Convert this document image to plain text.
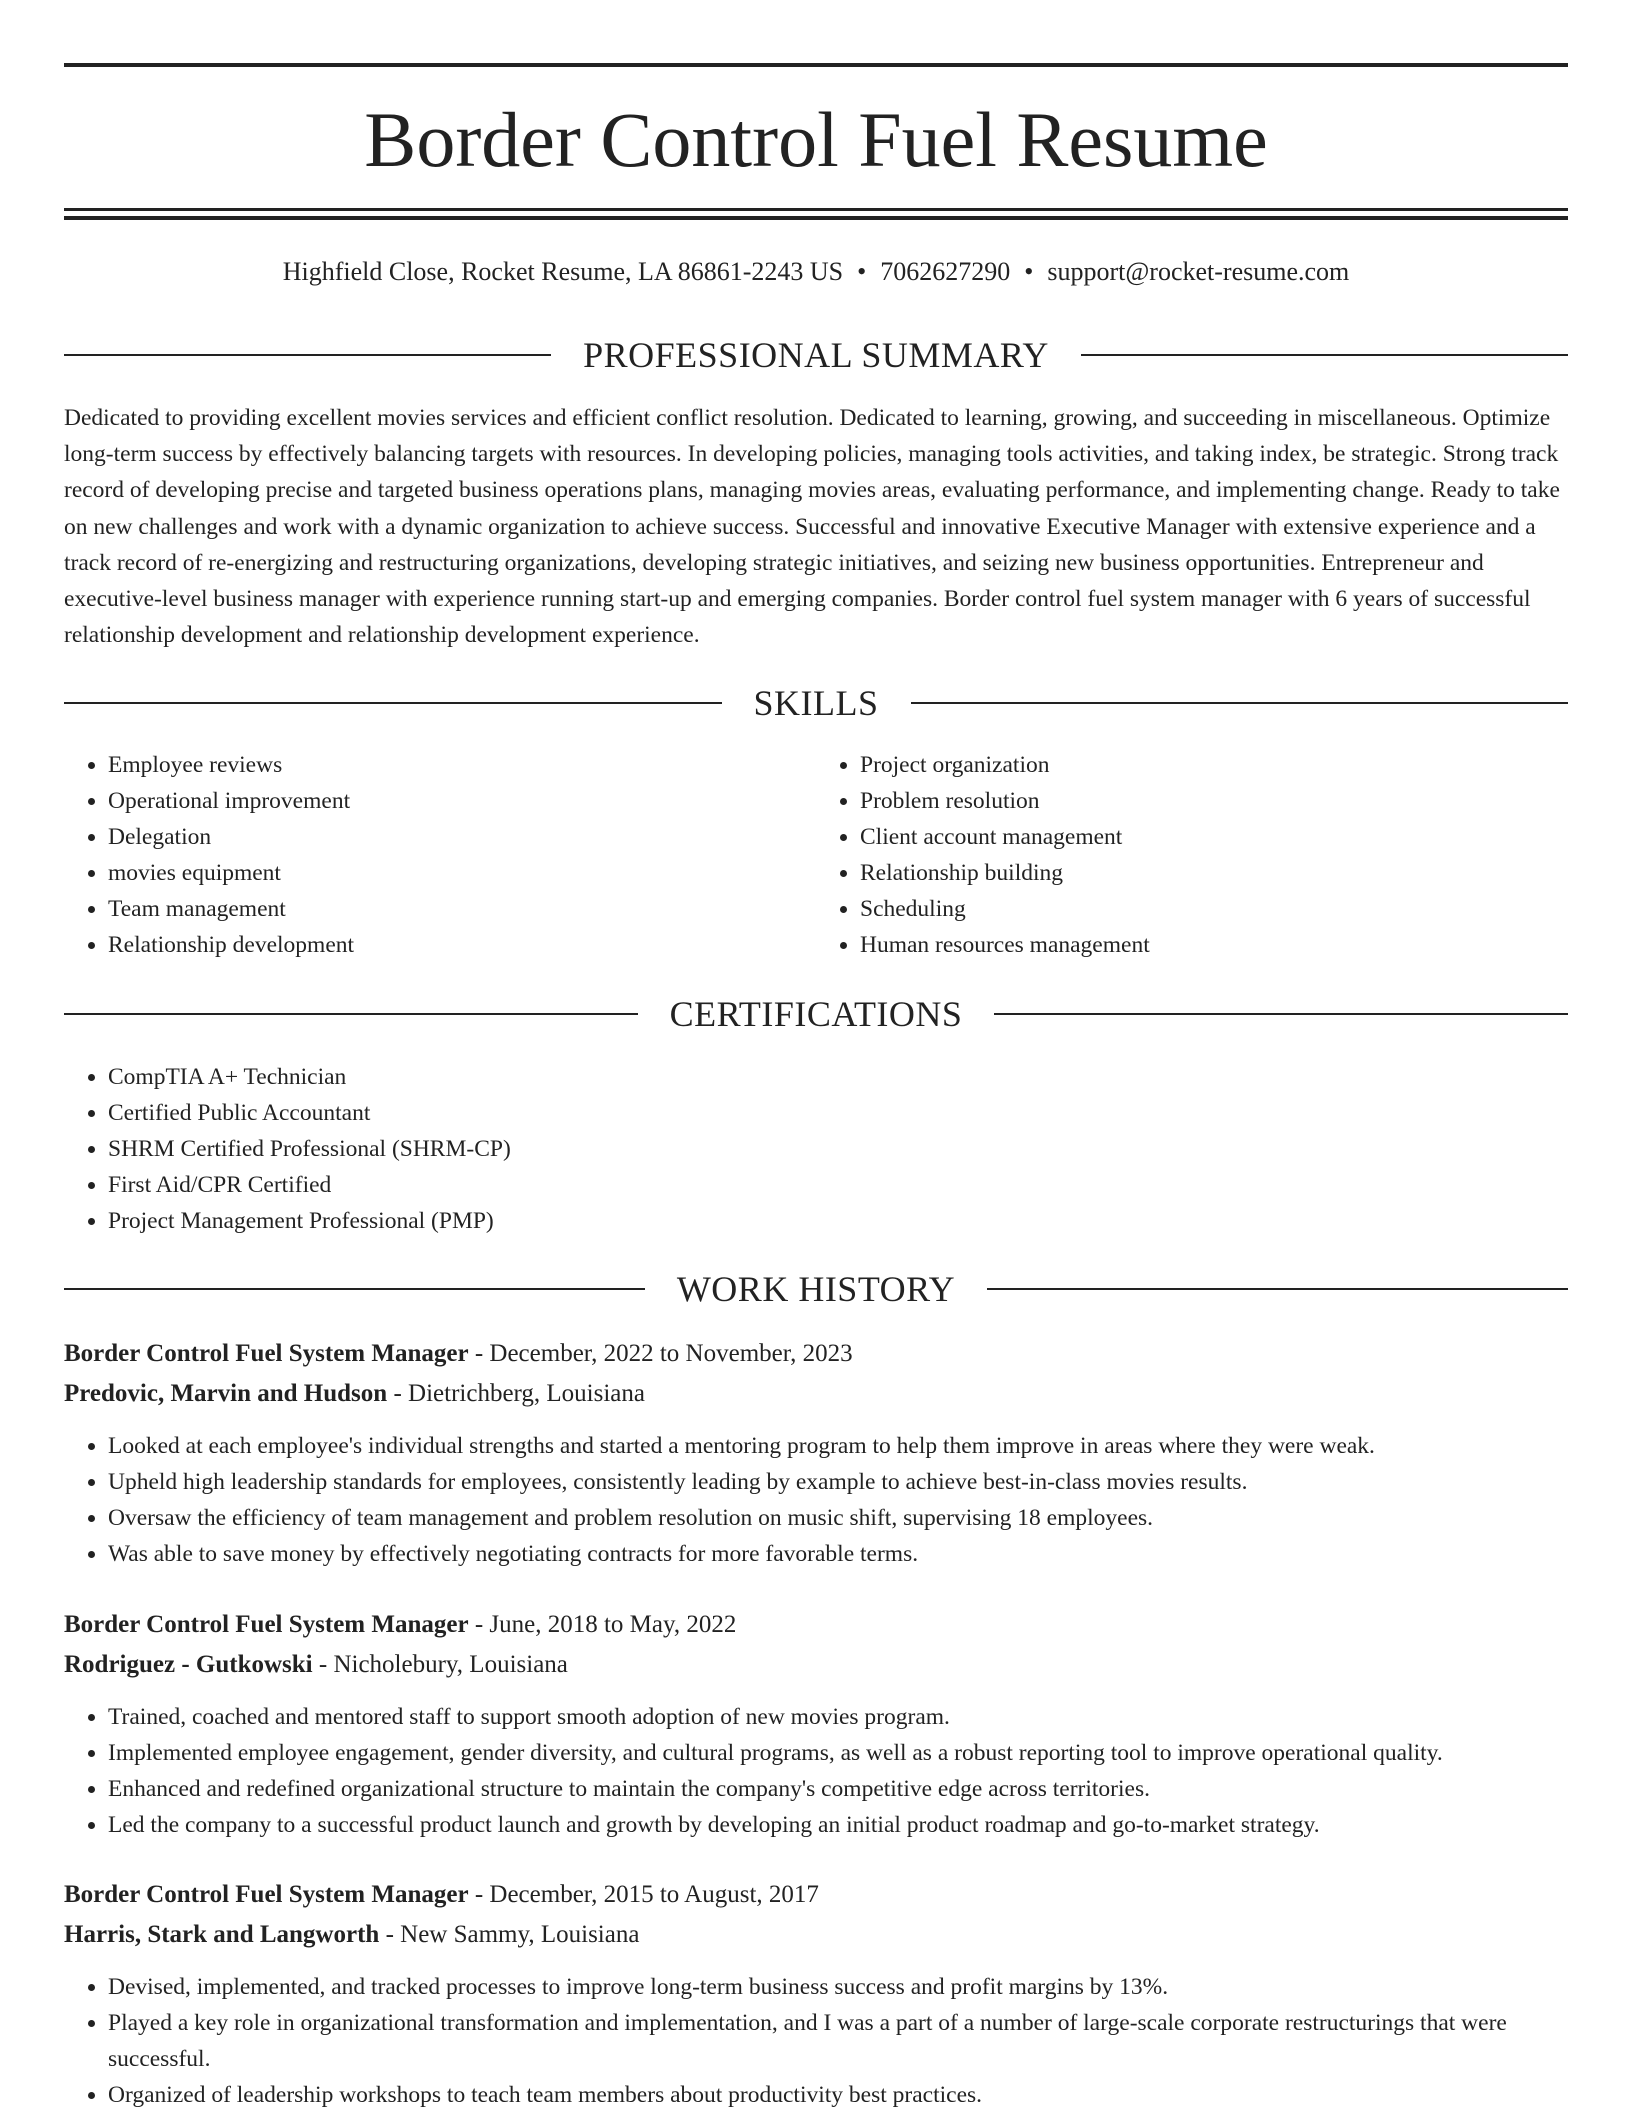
Border Control Fuel Resume
Highfield Close, Rocket Resume, LA 86861-2243 US • 7062627290 • support@rocket-resume.com
PROFESSIONAL SUMMARY

Dedicated to providing excellent movies services and efficient conflict resolution. Dedicated to learning, growing, and succeeding in miscellaneous. Optimize long-term success by effectively balancing targets with resources. In developing policies, managing tools activities, and taking index, be strategic. Strong track record of developing precise and targeted business operations plans, managing movies areas, evaluating performance, and implementing change. Ready to take on new challenges and work with a dynamic organization to achieve success. Successful and innovative Executive Manager with extensive experience and a track record of re-energizing and restructuring organizations, developing strategic initiatives, and seizing new business opportunities. Entrepreneur and executive-level business manager with experience running start-up and emerging companies. Border control fuel system manager with 6 years of successful relationship development and relationship development experience.

SKILLS
• Employee reviews
• Operational improvement
• Delegation
• movies equipment
• Team management
• Relationship development
• Project organization
• Problem resolution
• Client account management
• Relationship building
• Scheduling
• Human resources management
CERTIFICATIONS
• CompTIA A+ Technician
• Certified Public Accountant
• SHRM Certified Professional (SHRM-CP)
• First Aid/CPR Certified
• Project Management Professional (PMP)
WORK HISTORY
Border Control Fuel System Manager - December, 2022 to November, 2023
Predovic, Marvin and Hudson - Dietrichberg, Louisiana
• Looked at each employee's individual strengths and started a mentoring program to help them improve in areas where they were weak.
• Upheld high leadership standards for employees, consistently leading by example to achieve best-in-class movies results.
• Oversaw the efficiency of team management and problem resolution on music shift, supervising 18 employees.
• Was able to save money by effectively negotiating contracts for more favorable terms.
Border Control Fuel System Manager - June, 2018 to May, 2022
Rodriguez - Gutkowski - Nicholebury, Louisiana
• Trained, coached and mentored staff to support smooth adoption of new movies program.
• Implemented employee engagement, gender diversity, and cultural programs, as well as a robust reporting tool to improve operational quality.
• Enhanced and redefined organizational structure to maintain the company's competitive edge across territories.
• Led the company to a successful product launch and growth by developing an initial product roadmap and go-to-market strategy.
Border Control Fuel System Manager - December, 2015 to August, 2017
Harris, Stark and Langworth - New Sammy, Louisiana
• Devised, implemented, and tracked processes to improve long-term business success and profit margins by 13%.
• Played a key role in organizational transformation and implementation, and I was a part of a number of large-scale corporate restructurings that were successful.
• Organized of leadership workshops to teach team members about productivity best practices.
